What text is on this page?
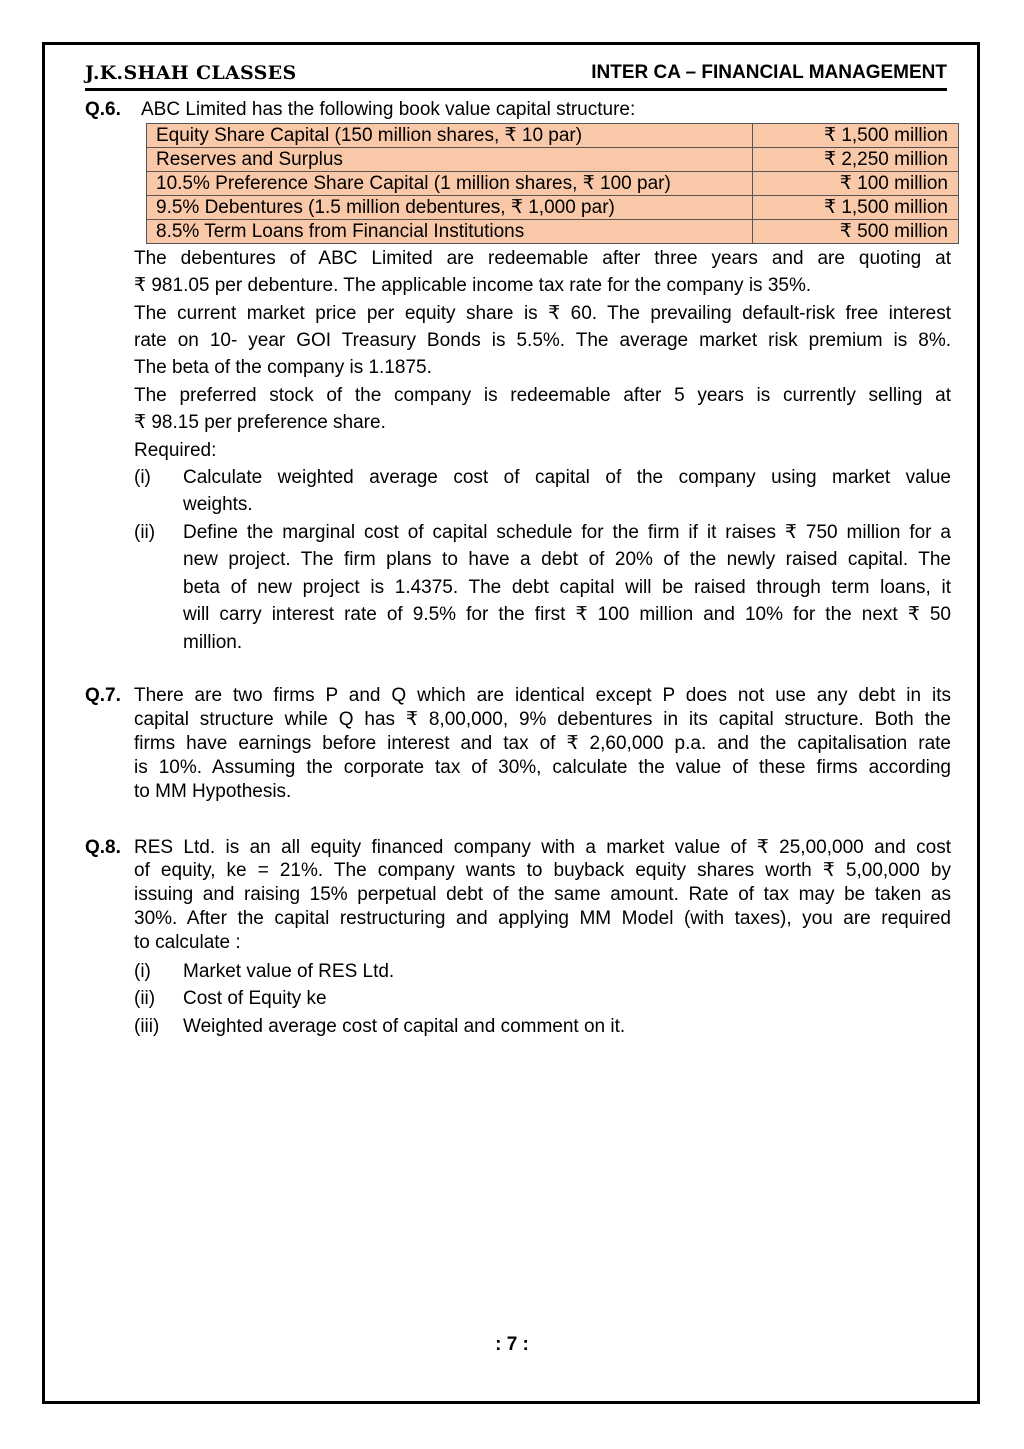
J.K.SHAH CLASSES	INTER CA – FINANCIAL MANAGEMENT
Q.6. ABC Limited has the following book value capital structure:
Equity Share Capital (150 million shares, ₹ 10 par)	₹ 1,500 million
Reserves and Surplus	₹ 2,250 million
10.5% Preference Share Capital (1 million shares, ₹ 100 par)	₹ 100 million
9.5% Debentures (1.5 million debentures, ₹ 1,000 par)	₹ 1,500 million
8.5% Term Loans from Financial Institutions	₹ 500 million
The debentures of ABC Limited are redeemable after three years and are quoting at
₹ 981.05 per debenture. The applicable income tax rate for the company is 35%.
The current market price per equity share is ₹ 60. The prevailing default-risk free interest
rate on 10- year GOI Treasury Bonds is 5.5%. The average market risk premium is 8%.
The beta of the company is 1.1875.
The preferred stock of the company is redeemable after 5 years is currently selling at
₹ 98.15 per preference share.
Required:
(i) Calculate weighted average cost of capital of the company using market value
weights.
(ii) Define the marginal cost of capital schedule for the firm if it raises ₹ 750 million for a
new project. The firm plans to have a debt of 20% of the newly raised capital. The
beta of new project is 1.4375. The debt capital will be raised through term loans, it
will carry interest rate of 9.5% for the first ₹ 100 million and 10% for the next ₹ 50
million.
Q.7. There are two firms P and Q which are identical except P does not use any debt in its
capital structure while Q has ₹ 8,00,000, 9% debentures in its capital structure. Both the
firms have earnings before interest and tax of ₹ 2,60,000 p.a. and the capitalisation rate
is 10%. Assuming the corporate tax of 30%, calculate the value of these firms according
to MM Hypothesis.
Q.8. RES Ltd. is an all equity financed company with a market value of ₹ 25,00,000 and cost
of equity, ke = 21%. The company wants to buyback equity shares worth ₹ 5,00,000 by
issuing and raising 15% perpetual debt of the same amount. Rate of tax may be taken as
30%. After the capital restructuring and applying MM Model (with taxes), you are required
to calculate :
(i) Market value of RES Ltd.
(ii) Cost of Equity ke
(iii) Weighted average cost of capital and comment on it.
: 7 :
